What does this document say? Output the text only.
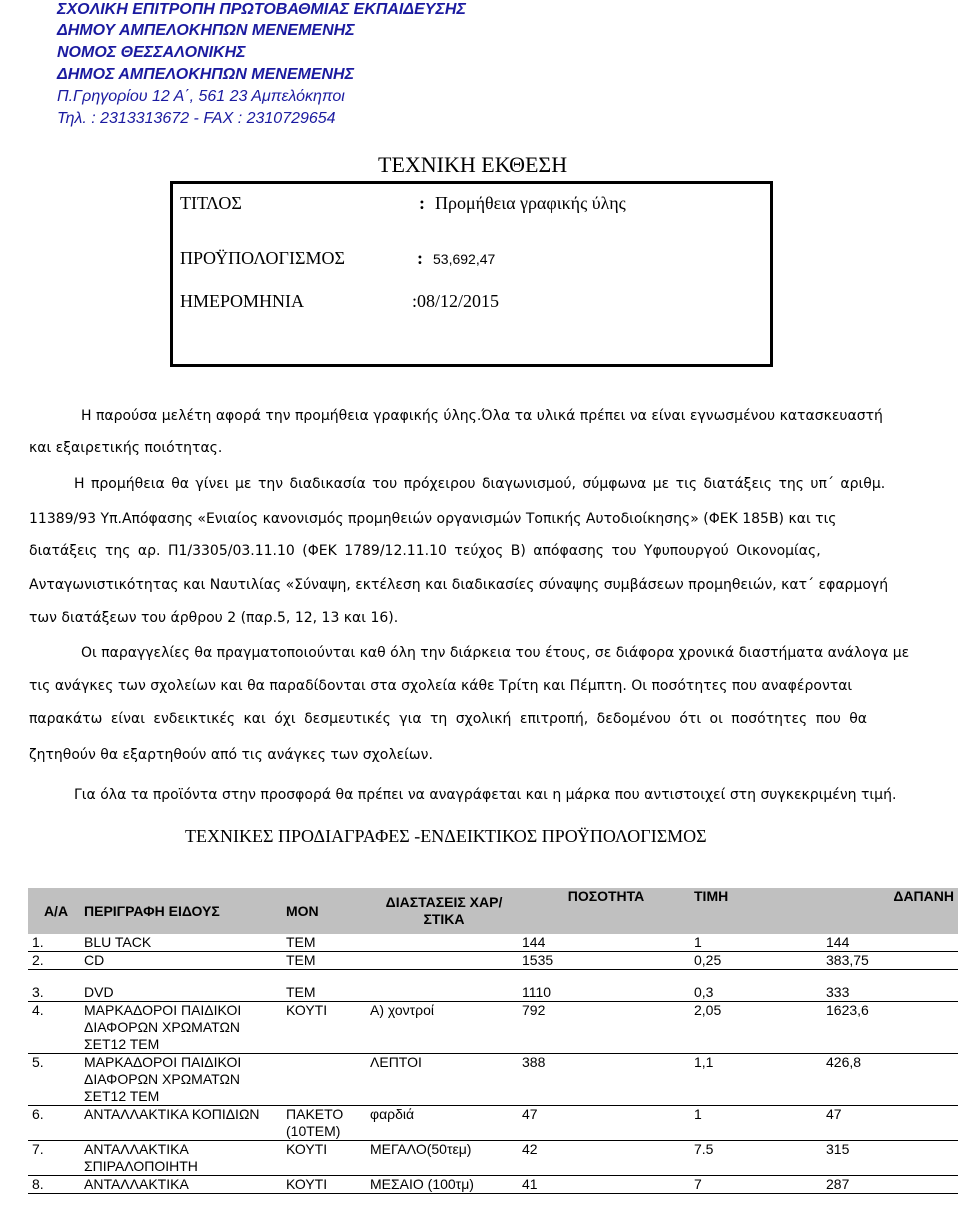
ΣΧΟΛΙΚΗ ΕΠΙΤΡΟΠΗ ΠΡΩΤΟΒΑΘΜΙΑΣ ΕΚΠΑΙΔΕΥΣΗΣ
ΔΗΜΟΥ ΑΜΠΕΛΟΚΗΠΩΝ ΜΕΝΕΜΕΝΗΣ
ΝΟΜΟΣ ΘΕΣΣΑΛΟΝΙΚΗΣ
ΔΗΜΟΣ ΑΜΠΕΛΟΚΗΠΩΝ ΜΕΝΕΜΕΝΗΣ
Π.Γρηγορίου 12 Α΄, 561 23 Αμπελόκηποι
Τηλ. : 2313313672 - FAX : 2310729654
ΤΕΧΝΙΚΗ ΕΚΘΕΣΗ
ΤΙΤΛΟΣ	: Προμήθεια γραφικής ύλης
ΠΡΟΫΠΟΛΟΓΙΣΜΟΣ	: 53,692,47
ΗΜΕΡΟΜΗΝΙΑ	:08/12/2015
Η παρούσα μελέτη αφορά την προμήθεια γραφικής ύλης.Όλα τα υλικά πρέπει να είναι εγνωσμένου κατασκευαστή
και εξαιρετικής ποιότητας.
Η προμήθεια θα γίνει με την διαδικασία του πρόχειρου διαγωνισμού, σύμφωνα με τις διατάξεις της υπ΄ αριθμ.
11389/93 Υπ.Απόφασης «Ενιαίος κανονισμός προμηθειών οργανισμών Τοπικής Αυτοδιοίκησης» (ΦΕΚ 185Β) και τις
διατάξεις της αρ. Π1/3305/03.11.10 (ΦΕΚ 1789/12.11.10 τεύχος Β) απόφασης του Υφυπουργού Οικονομίας,
Ανταγωνιστικότητας και Ναυτιλίας «Σύναψη, εκτέλεση και διαδικασίες σύναψης συμβάσεων προμηθειών, κατ΄ εφαρμογή
των διατάξεων του άρθρου 2 (παρ.5, 12, 13 και 16).
Οι παραγγελίες θα πραγματοποιούνται καθ όλη την διάρκεια του έτους, σε διάφορα χρονικά διαστήματα ανάλογα με
τις ανάγκες των σχολείων και θα παραδίδονται στα σχολεία κάθε Τρίτη και Πέμπτη. Οι ποσότητες που αναφέρονται
παρακάτω είναι ενδεικτικές και όχι δεσμευτικές για τη σχολική επιτροπή, δεδομένου ότι οι ποσότητες που θα
ζητηθούν θα εξαρτηθούν από τις ανάγκες των σχολείων.
Για όλα τα προϊόντα στην προσφορά θα πρέπει να αναγράφεται και η μάρκα που αντιστοιχεί στη συγκεκριμένη τιμή.
ΤΕΧΝΙΚΕΣ ΠΡΟΔΙΑΓΡΑΦΕΣ -ΕΝΔΕΙΚΤΙΚΟΣ ΠΡΟΫΠΟΛΟΓΙΣΜΟΣ
Α/Α	ΠΕΡΙΓΡΑΦΗ ΕΙΔΟΥΣ	ΜΟΝ	ΔΙΑΣΤΑΣΕΙΣ ΧΑΡ/ΣΤΙΚΑ	ΠΟΣΟΤΗΤΑ	ΤΙΜΗ	ΔΑΠΑΝΗ
1.	BLU TACK	TEM		144	1	144
2.	CD	TEM		1535	0,25	383,75

3.	DVD	TEM		1110	0,3	333
4.	ΜΑΡΚΑΔΟΡΟΙ ΠΑΙΔΙΚΟΙ ΔΙΑΦΟΡΩΝ ΧΡΩΜΑΤΩΝ ΣΕΤ12 ΤΕΜ	ΚΟΥΤΙ	Α) χοντροί	792	2,05	1623,6
5.	ΜΑΡΚΑΔΟΡΟΙ ΠΑΙΔΙΚΟΙ ΔΙΑΦΟΡΩΝ ΧΡΩΜΑΤΩΝ ΣΕΤ12 ΤΕΜ		ΛΕΠΤΟΙ	388	1,1	426,8
6.	ΑΝΤΑΛΛΑΚΤΙΚΑ ΚΟΠΙΔΙΩΝ	ΠΑΚΕΤΟ (10ΤΕΜ)	φαρδιά	47	1	47
7.	ΑΝΤΑΛΛΑΚΤΙΚΑ ΣΠΙΡΑΛΟΠΟΙΗΤΗ	ΚΟΥΤΙ	ΜΕΓΑΛΟ(50τεμ)	42	7.5	315
8.	ΑΝΤΑΛΛΑΚΤΙΚΑ	ΚΟΥΤΙ	ΜΕΣΑΙΟ (100τμ)	41	7	287
